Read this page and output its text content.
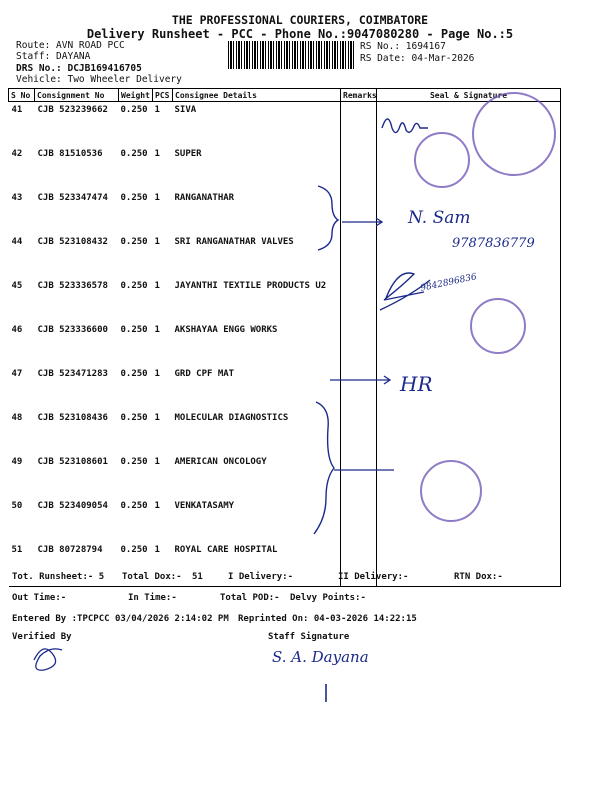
THE PROFESSIONAL COURIERS, COIMBATORE
Delivery Runsheet - PCC - Phone No.:9047080280 - Page No.:5
Route: AVN ROAD PCC
Staff: DAYANA
DRS No.: DCJB169416705
Vehicle: Two Wheeler Delivery
RS No.: 1694167
RS Date: 04-Mar-2026
S No	Consignment No	Weight	PCS	Consignee Details	Remarks	Seal & Signature
41	CJB 523239662	0.250	1	SIVA		
42	CJB 81510536	0.250	1	SUPER		
43	CJB 523347474	0.250	1	RANGANATHAR		
44	CJB 523108432	0.250	1	SRI RANGANATHAR VALVES		
45	CJB 523336578	0.250	1	JAYANTHI TEXTILE PRODUCTS U2		
46	CJB 523336600	0.250	1	AKSHAYAA ENGG WORKS		
47	CJB 523471283	0.250	1	GRD CPF MAT		
48	CJB 523108436	0.250	1	MOLECULAR DIAGNOSTICS		
49	CJB 523108601	0.250	1	AMERICAN ONCOLOGY		
50	CJB 523409054	0.250	1	VENKATASAMY		
51	CJB 80728794	0.250	1	ROYAL CARE HOSPITAL		
N. Sam
9787836779
9842896836
HR
Tot. Runsheet:- 5 Total Dox:- 51	I Delivery:-	II Delivery:-	RTN Dox:-
Out Time:-	In Time:-	Total POD:- Delvy Points:-
Entered By :TPCPCC 03/04/2026 2:14:02 PM Reprinted On: 04-03-2026 14:22:15
Verified By	Staff Signature
S. A. Dayana
